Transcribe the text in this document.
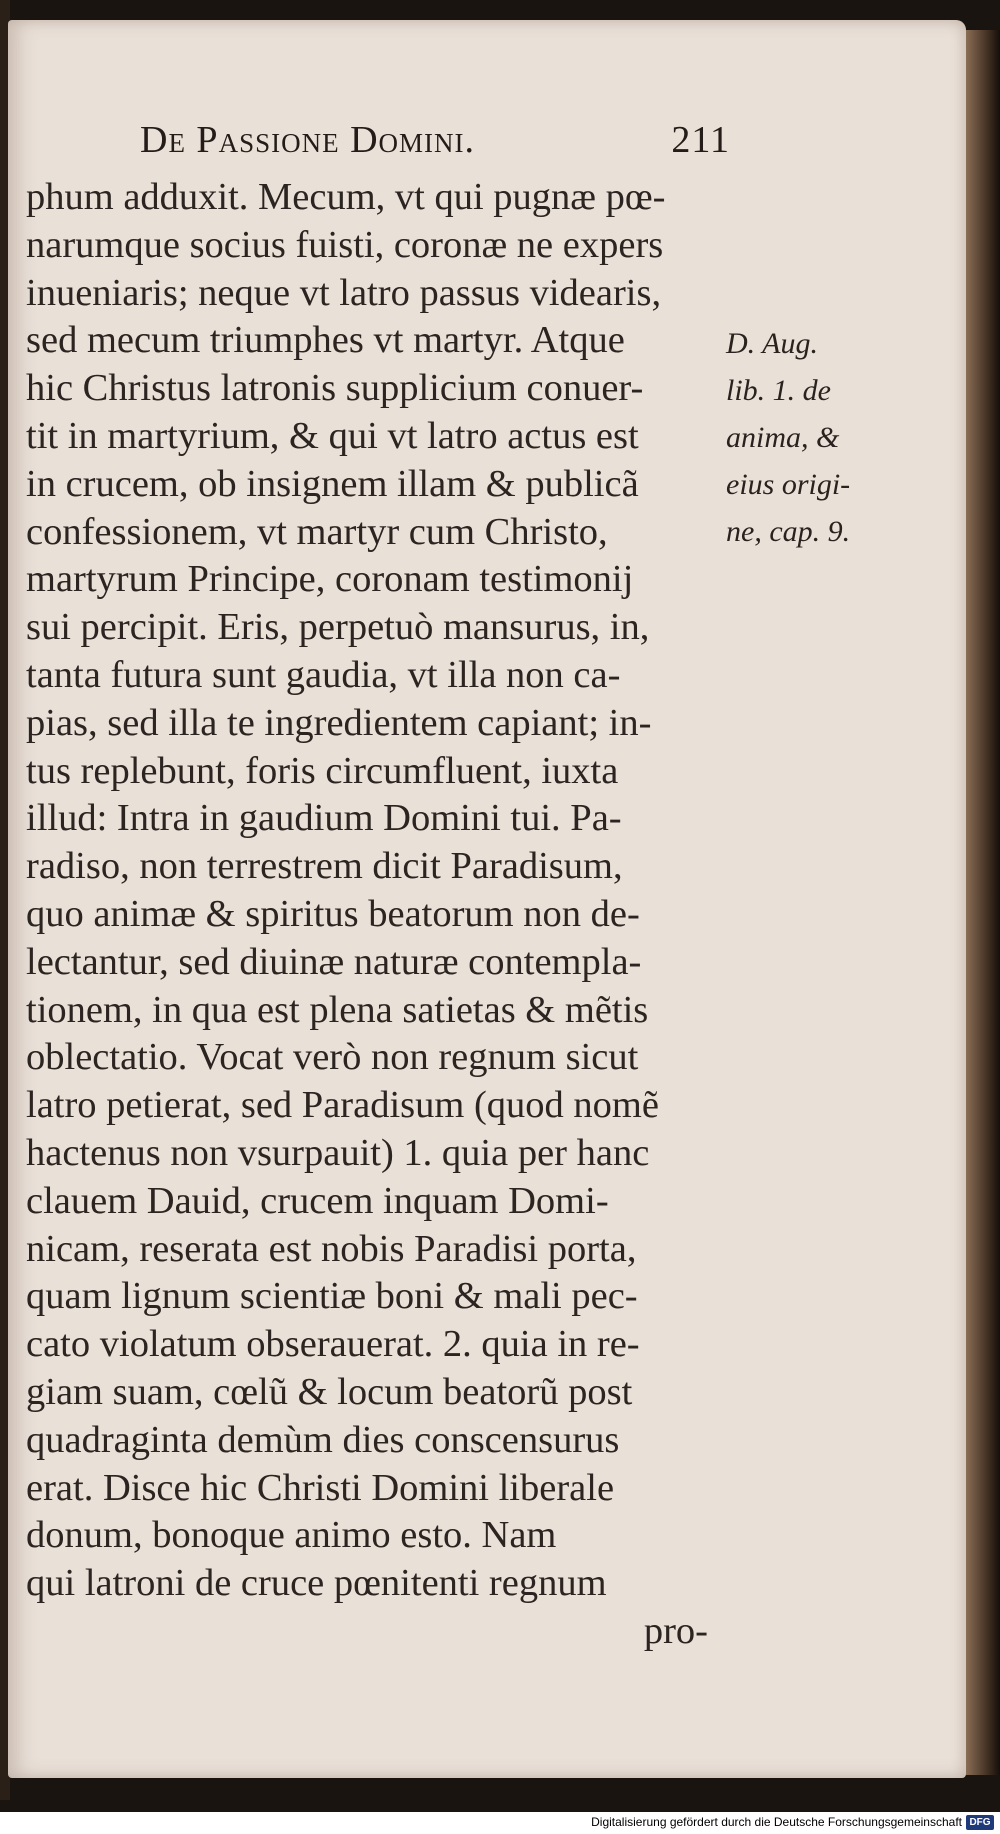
De Passione Domini.	211
phum adduxit. Mecum, vt qui pugnæ pœ-
narumque socius fuisti, coronæ ne expers
inueniaris; neque vt latro passus videaris,
sed mecum triumphes vt martyr. Atque
hic Christus latronis supplicium conuer-
tit in martyrium, & qui vt latro actus est
in crucem, ob insignem illam & publicã
confessionem, vt martyr cum Christo,
martyrum Principe, coronam testimonij
sui percipit. Eris, perpetuò mansurus, in,
tanta futura sunt gaudia, vt illa non ca-
pias, sed illa te ingredientem capiant; in-
tus replebunt, foris circumfluent, iuxta
illud: Intra in gaudium Domini tui. Pa-
radiso, non terrestrem dicit Paradisum,
quo animæ & spiritus beatorum non de-
lectantur, sed diuinæ naturæ contempla-
tionem, in qua est plena satietas & mẽtis
oblectatio. Vocat verò non regnum sicut
latro petierat, sed Paradisum (quod nomẽ
hactenus non vsurpauit) 1. quia per hanc
clauem Dauid, crucem inquam Domi-
nicam, reserata est nobis Paradisi porta,
quam lignum scientiæ boni & mali pec-
cato violatum obserauerat. 2. quia in re-
giam suam, cœlũ & locum beatorũ post
quadraginta demùm dies conscensurus
erat. Disce hic Christi Domini liberale
donum, bonoque animo esto. Nam
qui latroni de cruce pœnitenti regnum
pro-
D. Aug.
lib. 1. de
anima, &
eius origi-
ne, cap. 9.
Digitalisierung gefördert durch die Deutsche Forschungsgemeinschaft DFG
